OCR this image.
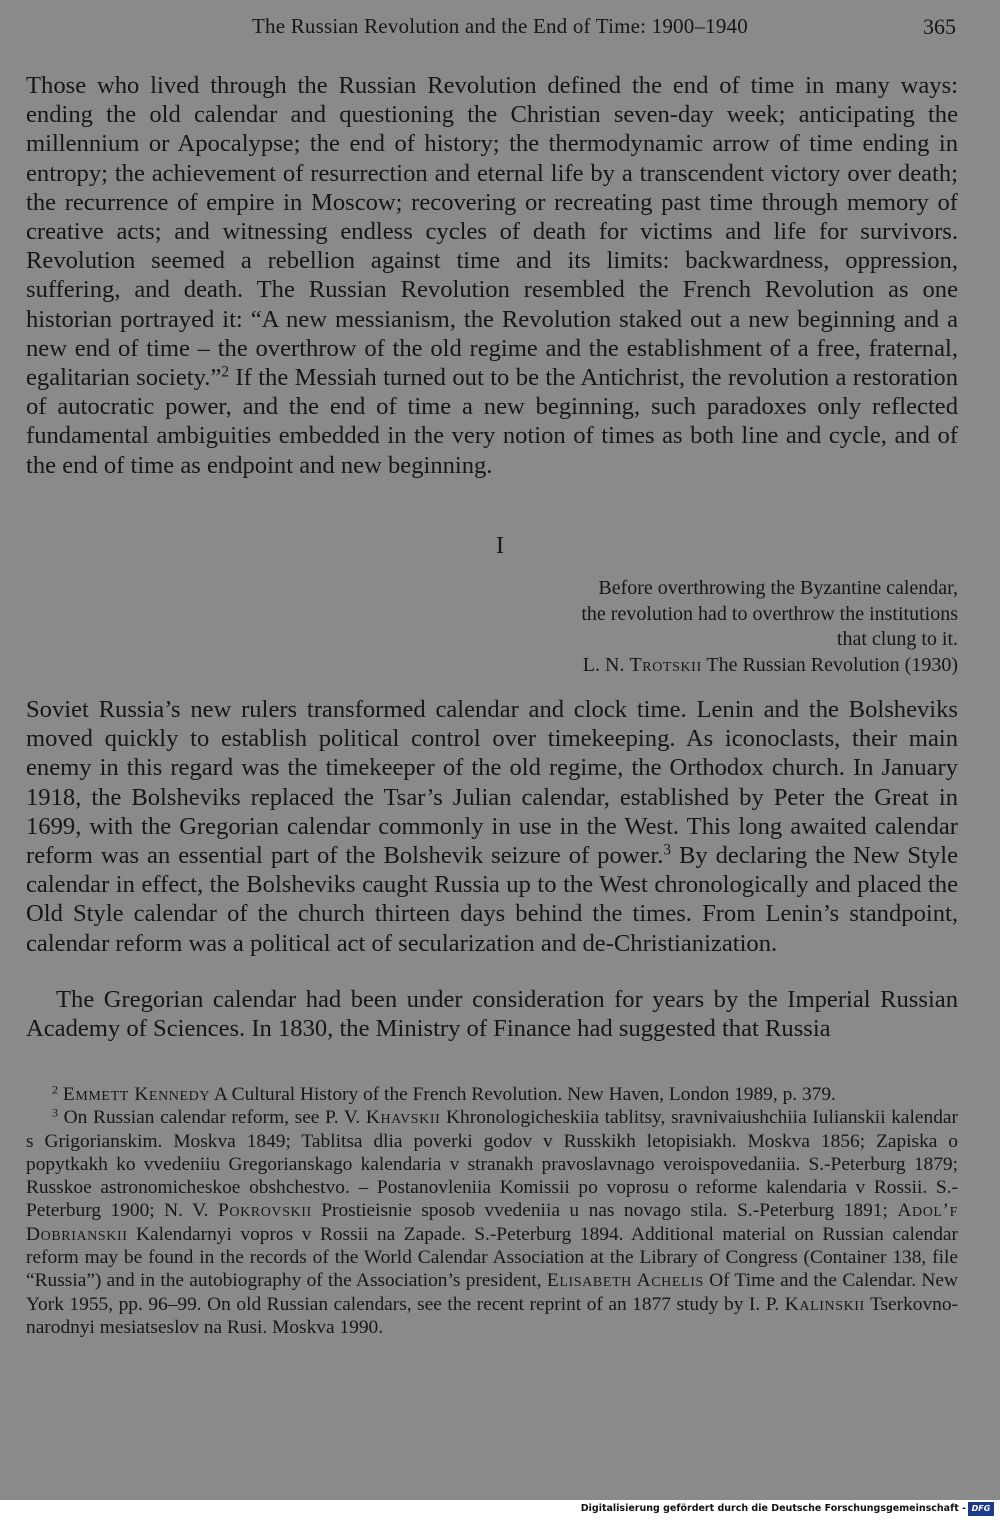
The Russian Revolution and the End of Time: 1900–1940	365

Those who lived through the Russian Revolution defined the end of time in many ways: ending the old calendar and questioning the Christian seven-day week; anticipating the millennium or Apocalypse; the end of history; the thermodynamic arrow of time ending in entropy; the achievement of resurrection and eternal life by a transcendent victory over death; the recurrence of empire in Moscow; recovering or recreating past time through memory of creative acts; and witnessing endless cycles of death for victims and life for survivors. Revolution seemed a rebellion against time and its limits: backwardness, oppression, suffering, and death. The Russian Revolution resembled the French Revolution as one historian portrayed it: “A new messianism, the Revolution staked out a new beginning and a new end of time – the overthrow of the old regime and the establishment of a free, fraternal, egalitarian society.”$^2$ If the Messiah turned out to be the Antichrist, the revolution a restoration of autocratic power, and the end of time a new beginning, such paradoxes only reflected fundamental ambiguities embedded in the very notion of times as both line and cycle, and of the end of time as endpoint and new beginning.

I
Before overthrowing the Byzantine calendar,
the revolution had to overthrow the institutions
that clung to it.
L. N. Trotskii The Russian Revolution (1930)

Soviet Russia’s new rulers transformed calendar and clock time. Lenin and the Bolsheviks moved quickly to establish political control over timekeeping. As iconoclasts, their main enemy in this regard was the timekeeper of the old regime, the Orthodox church. In January 1918, the Bolsheviks replaced the Tsar’s Julian calendar, established by Peter the Great in 1699, with the Gregorian calendar commonly in use in the West. This long awaited calendar reform was an essential part of the Bolshevik seizure of power.$^3$ By declaring the New Style calendar in effect, the Bolsheviks caught Russia up to the West chronologically and placed the Old Style calendar of the church thirteen days behind the times. From Lenin’s standpoint, calendar reform was a political act of secularization and de-Christianization.

The Gregorian calendar had been under consideration for years by the Imperial Russian Academy of Sciences. In 1830, the Ministry of Finance had suggested that Russia

$^2$ Emmett Kennedy A Cultural History of the French Revolution. New Haven, London 1989, p. 379.

$^3$ On Russian calendar reform, see P. V. Khavskii Khronologicheskiia tablitsy, sravnivaiushchiia Iulianskii kalendar s Grigorianskim. Moskva 1849; Tablitsa dlia poverki godov v Russkikh letopisiakh. Moskva 1856; Zapiska o popytkakh ko vvedeniiu Gregorianskago kalendaria v stranakh pravoslavnago veroispovedaniia. S.-Peterburg 1879; Russkoe astronomicheskoe obshchestvo. – Postanovleniia Komissii po voprosu o reforme kalendaria v Rossii. S.-Peterburg 1900; N. V. Pokrovskii Prostieisnie sposob vvedeniia u nas novago stila. S.-Peterburg 1891; Adol’f Dobrianskii Kalendarnyi vopros v Rossii na Zapade. S.-Peterburg 1894. Additional material on Russian calendar reform may be found in the records of the World Calendar Association at the Library of Congress (Container 138, file “Russia”) and in the autobiography of the Association’s president, Elisabeth Achelis Of Time and the Calendar. New York 1955, pp. 96–99. On old Russian calendars, see the recent reprint of an 1877 study by I. P. Kalinskii Tserkovno-narodnyi mesiatseslov na Rusi. Moskva 1990.

Digitalisierung gefördert durch die Deutsche Forschungsgemeinschaft - DFG
